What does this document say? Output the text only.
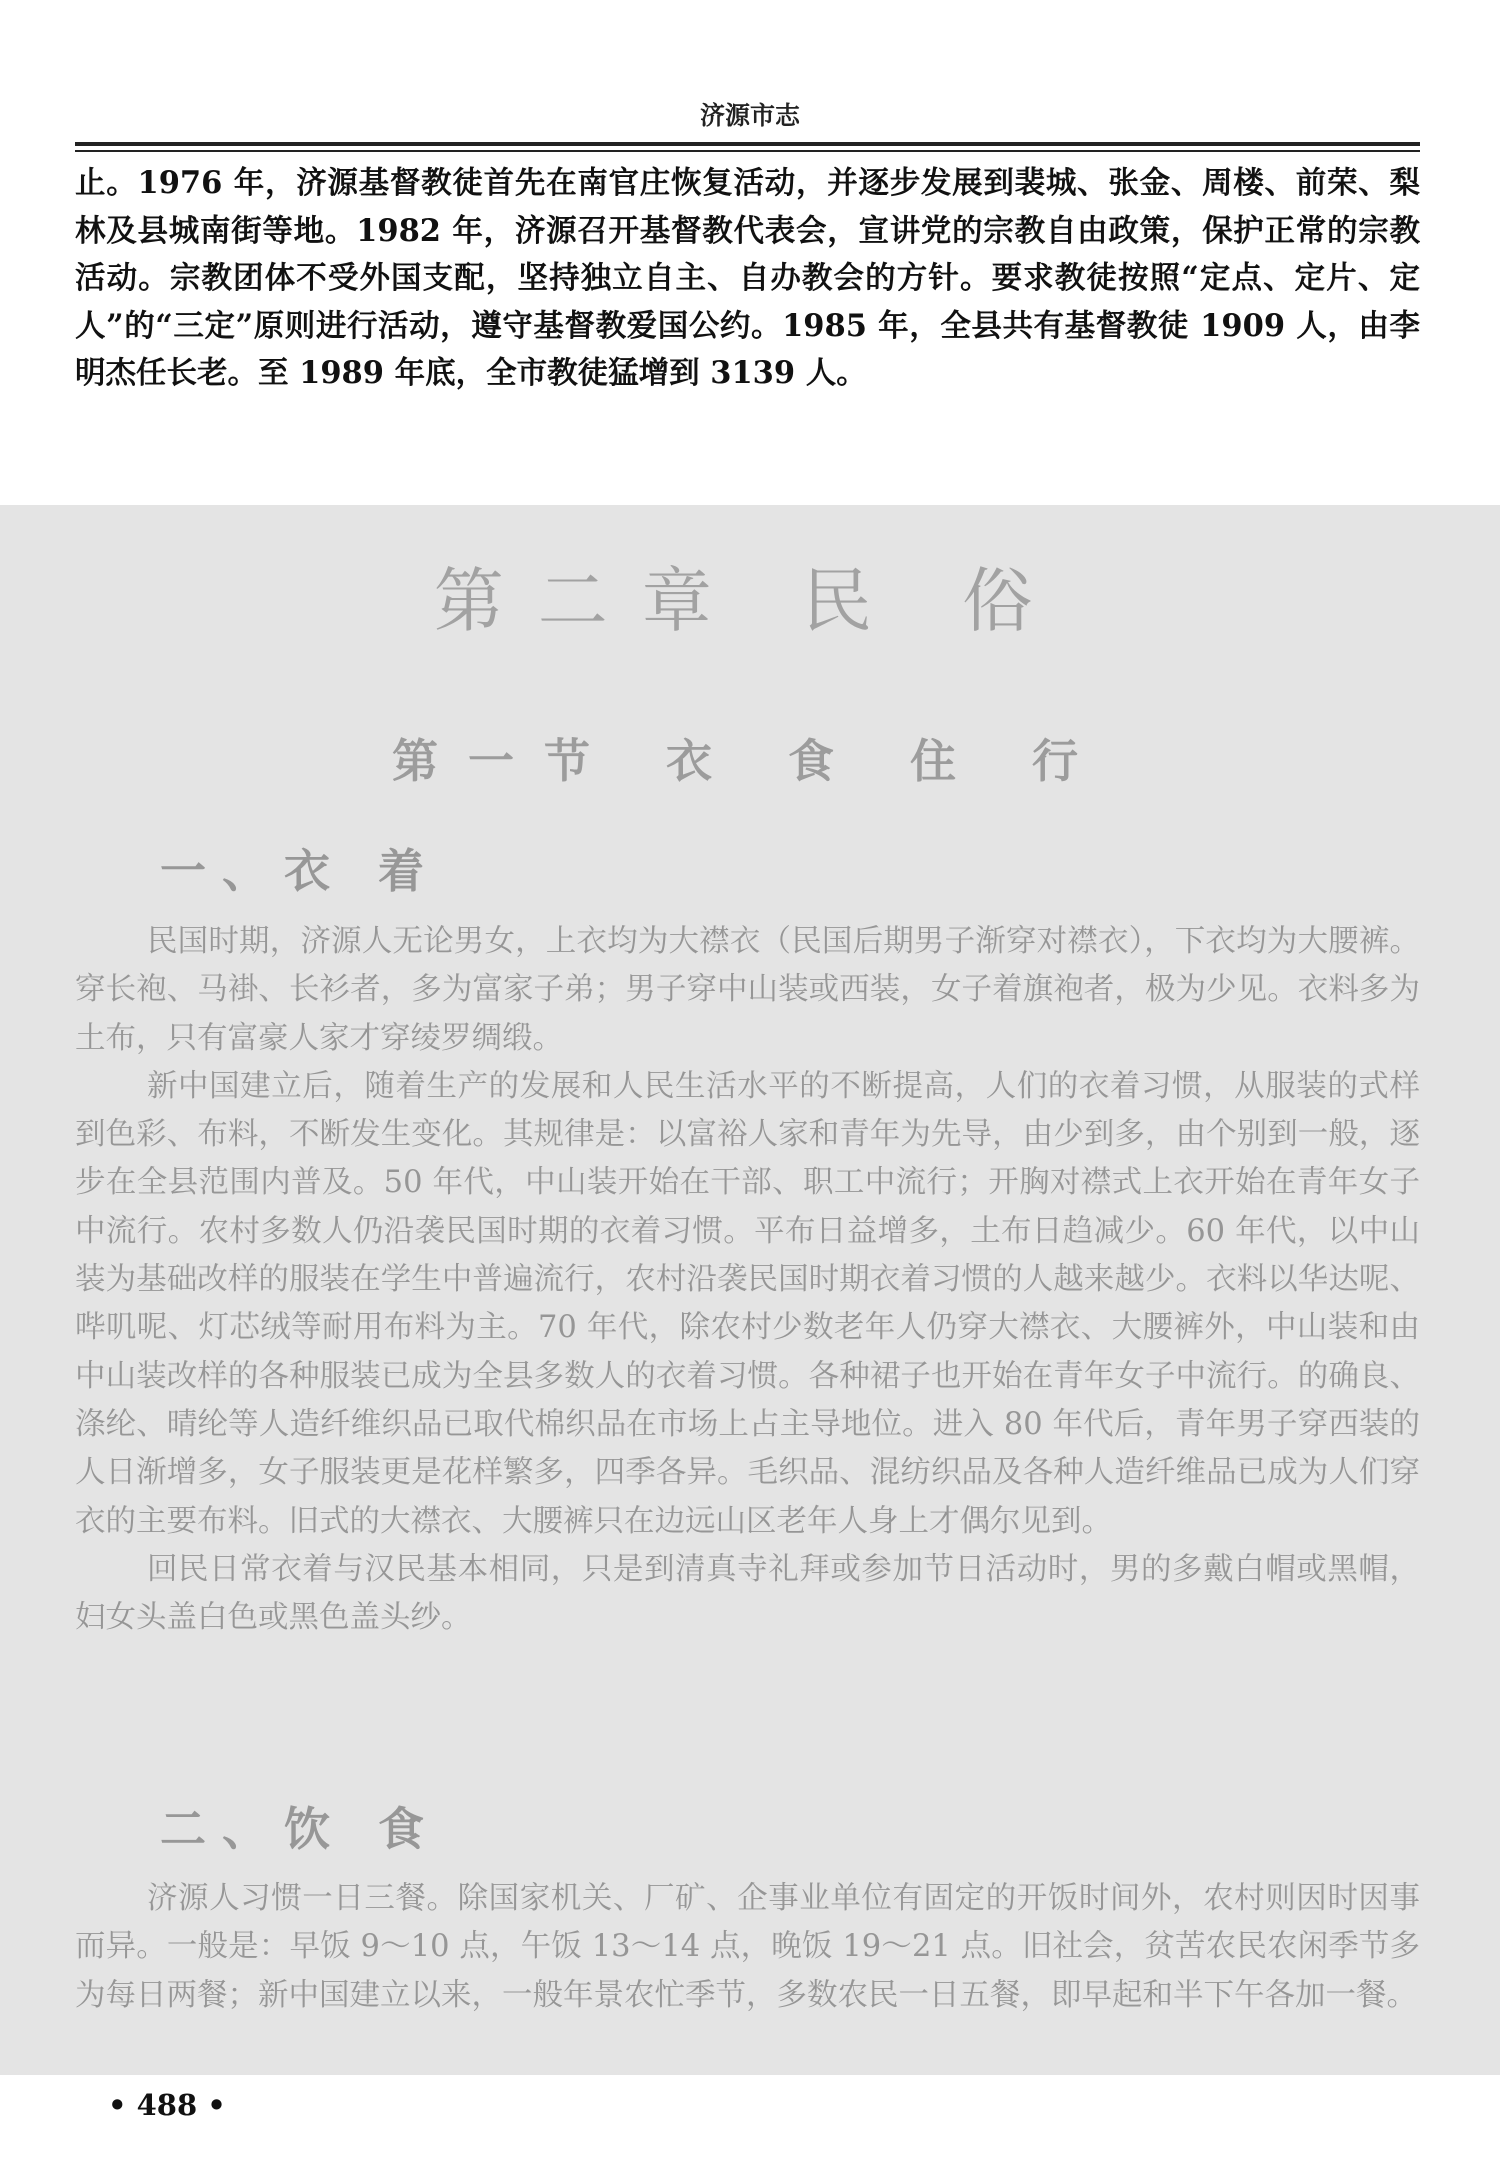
济源市志

止。1976 年，济源基督教徒首先在南官庄恢复活动，并逐步发展到裴城、张金、周楼、前荣、梨林及县城南街等地。1982 年，济源召开基督教代表会，宣讲党的宗教自由政策，保护正常的宗教活动。宗教团体不受外国支配，坚持独立自主、自办教会的方针。要求教徒按照“定点、定片、定人”的“三定”原则进行活动，遵守基督教爱国公约。1985 年，全县共有基督教徒 1909 人，由李明杰任长老。至 1989 年底，全市教徒猛增到 3139 人。

第二章 民 俗
第一节 衣 食 住 行
一、衣 着

民国时期，济源人无论男女，上衣均为大襟衣（民国后期男子渐穿对襟衣），下衣均为大腰裤。穿长袍、马褂、长衫者，多为富家子弟；男子穿中山装或西装，女子着旗袍者，极为少见。衣料多为土布，只有富豪人家才穿绫罗绸缎。

新中国建立后，随着生产的发展和人民生活水平的不断提高，人们的衣着习惯，从服装的式样到色彩、布料，不断发生变化。其规律是：以富裕人家和青年为先导，由少到多，由个别到一般，逐步在全县范围内普及。50 年代，中山装开始在干部、职工中流行；开胸对襟式上衣开始在青年女子中流行。农村多数人仍沿袭民国时期的衣着习惯。平布日益增多，土布日趋减少。60 年代，以中山装为基础改样的服装在学生中普遍流行，农村沿袭民国时期衣着习惯的人越来越少。衣料以华达呢、哔叽呢、灯芯绒等耐用布料为主。70 年代，除农村少数老年人仍穿大襟衣、大腰裤外，中山装和由中山装改样的各种服装已成为全县多数人的衣着习惯。各种裙子也开始在青年女子中流行。的确良、涤纶、晴纶等人造纤维织品已取代棉织品在市场上占主导地位。进入 80 年代后，青年男子穿西装的人日渐增多，女子服装更是花样繁多，四季各异。毛织品、混纺织品及各种人造纤维品已成为人们穿衣的主要布料。旧式的大襟衣、大腰裤只在边远山区老年人身上才偶尔见到。

回民日常衣着与汉民基本相同，只是到清真寺礼拜或参加节日活动时，男的多戴白帽或黑帽，妇女头盖白色或黑色盖头纱。

二、饮 食

济源人习惯一日三餐。除国家机关、厂矿、企事业单位有固定的开饭时间外，农村则因时因事而异。一般是：早饭 9～10 点，午饭 13～14 点，晚饭 19～21 点。旧社会，贫苦农民农闲季节多为每日两餐；新中国建立以来，一般年景农忙季节，多数农民一日五餐，即早起和半下午各加一餐。

• 488 •
